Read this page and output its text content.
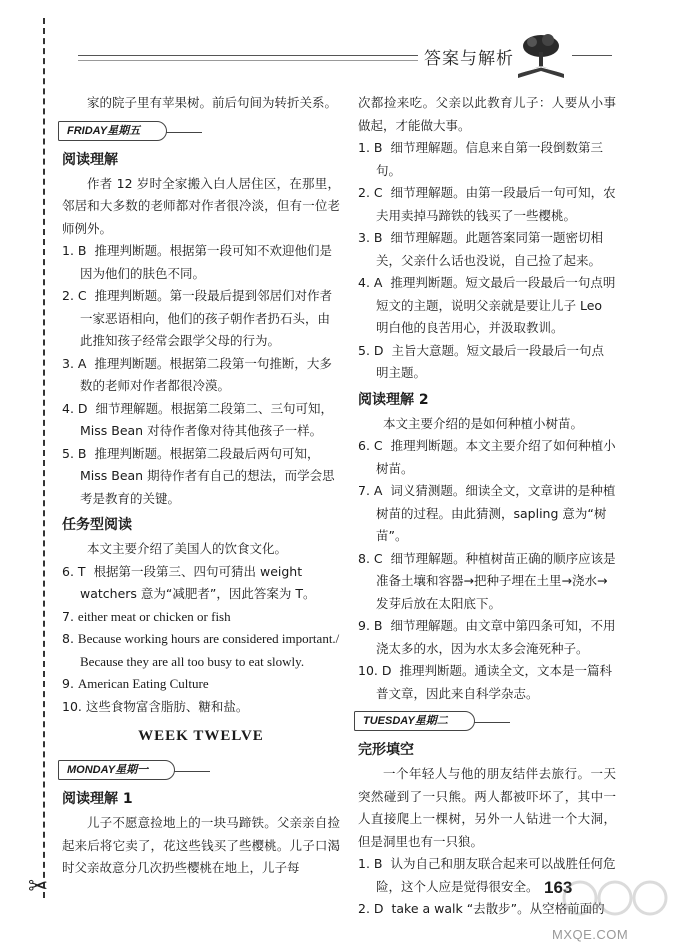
✂
答案与解析

家的院子里有苹果树。前后句间为转折关系。

FRIDAY星期五
阅读理解

作者 12 岁时全家搬入白人居住区，在那里，邻居和大多数的老师都对作者很冷淡，但有一位老师例外。

1. B 推理判断题。根据第一段可知不欢迎他们是因为他们的肤色不同。

2. C 推理判断题。第一段最后提到邻居们对作者一家恶语相向，他们的孩子朝作者扔石头，由此推知孩子经常会跟学父母的行为。

3. A 推理判断题。根据第二段第一句推断，大多数的老师对作者都很冷漠。

4. D 细节理解题。根据第二段第二、三句可知，Miss Bean 对待作者像对待其他孩子一样。

5. B 推理判断题。根据第二段最后两句可知，Miss Bean 期待作者有自己的想法，而学会思考是教育的关键。

任务型阅读

本文主要介绍了美国人的饮食文化。

6. T 根据第一段第三、四句可猜出 weight watchers 意为“减肥者”，因此答案为 T。

7. either meat or chicken or fish

8. Because working hours are considered important./ Because they are all too busy to eat slowly.

9. American Eating Culture

10. 这些食物富含脂肪、糖和盐。

WEEK TWELVE
MONDAY星期一
阅读理解 1

儿子不愿意捡地上的一块马蹄铁。父亲亲自捡起来后将它卖了，花这些钱买了些樱桃。儿子口渴时父亲故意分几次扔些樱桃在地上，儿子每

次都捡来吃。父亲以此教育儿子：人要从小事做起，才能做大事。

1. B 细节理解题。信息来自第一段倒数第三句。

2. C 细节理解题。由第一段最后一句可知，农夫用卖掉马蹄铁的钱买了一些樱桃。

3. B 细节理解题。此题答案同第一题密切相关，父亲什么话也没说，自己捡了起来。

4. A 推理判断题。短文最后一段最后一句点明短文的主题，说明父亲就是要让儿子 Leo 明白他的良苦用心，并汲取教训。

5. D 主旨大意题。短文最后一段最后一句点明主题。

阅读理解 2

本文主要介绍的是如何种植小树苗。

6. C 推理判断题。本文主要介绍了如何种植小树苗。

7. A 词义猜测题。细读全文，文章讲的是种植树苗的过程。由此猜测，sapling 意为“树苗”。

8. C 细节理解题。种植树苗正确的顺序应该是准备土壤和容器→把种子埋在土里→浇水→发芽后放在太阳底下。

9. B 细节理解题。由文章中第四条可知，不用浇太多的水，因为水太多会淹死种子。

10. D 推理判断题。通读全文，文本是一篇科普文章，因此来自科学杂志。

TUESDAY星期二
完形填空

一个年轻人与他的朋友结伴去旅行。一天突然碰到了一只熊。两人都被吓坏了，其中一人直接爬上一棵树，另外一人钻进一个大洞，但是洞里也有一只狼。

1. B 认为自己和朋友联合起来可以战胜任何危险，这个人应是觉得很安全。

2. D take a walk “去散步”。从空格前面的

163
MXQE.COM
